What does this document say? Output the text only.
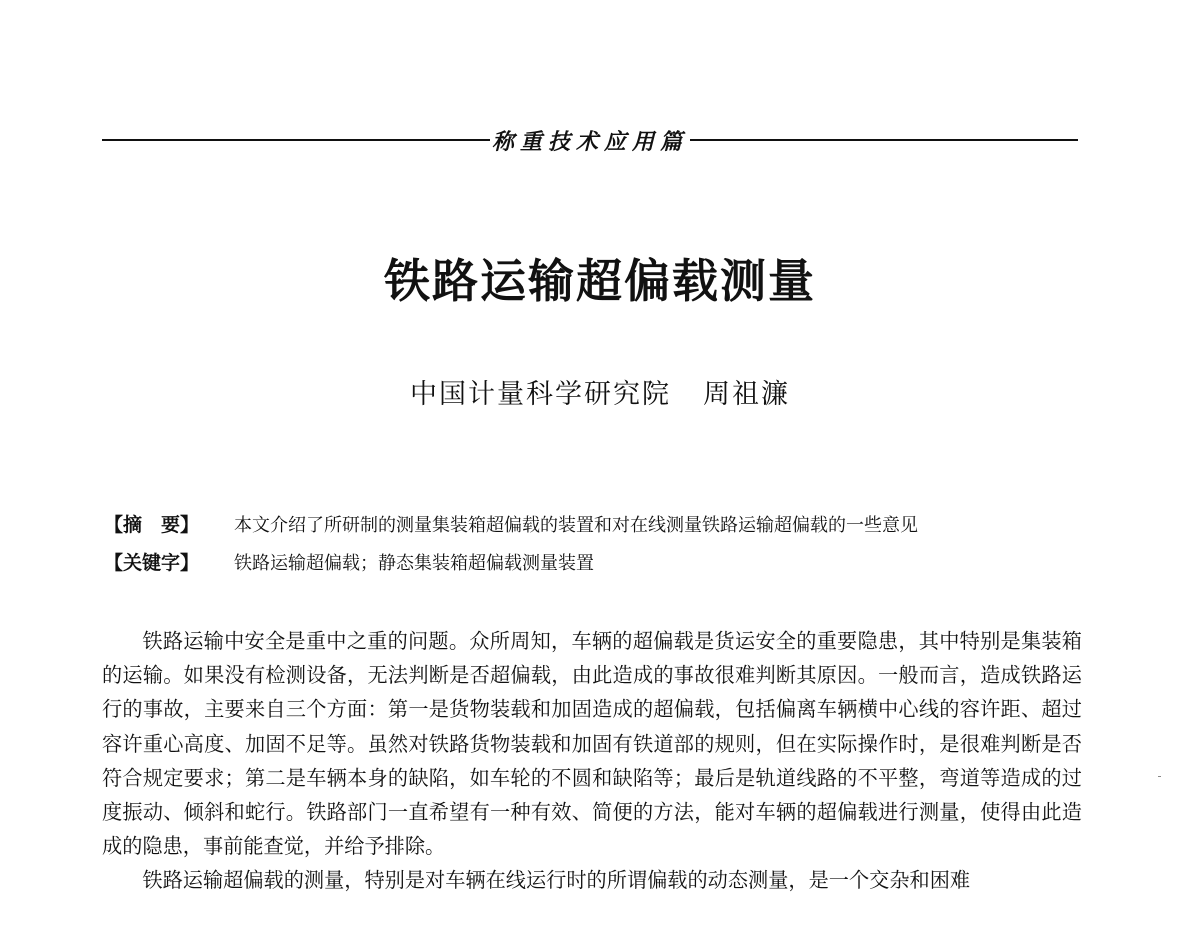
称重技术应用篇
铁路运输超偏载测量
中国计量科学研究院 周祖濂
【摘　要】	本文介绍了所研制的测量集装箱超偏载的装置和对在线测量铁路运输超偏载的一些意见
【关键字】	铁路运输超偏载；静态集装箱超偏载测量装置

铁路运输中安全是重中之重的问题。众所周知，车辆的超偏载是货运安全的重要隐患，其中特别是集装箱的运输。如果没有检测设备，无法判断是否超偏载，由此造成的事故很难判断其原因。一般而言，造成铁路运行的事故，主要来自三个方面：第一是货物装载和加固造成的超偏载，包括偏离车辆横中心线的容许距、超过容许重心高度、加固不足等。虽然对铁路货物装载和加固有铁道部的规则，但在实际操作时，是很难判断是否符合规定要求；第二是车辆本身的缺陷，如车轮的不圆和缺陷等；最后是轨道线路的不平整，弯道等造成的过度振动、倾斜和蛇行。铁路部门一直希望有一种有效、简便的方法，能对车辆的超偏载进行测量，使得由此造成的隐患，事前能查觉，并给予排除。

铁路运输超偏载的测量，特别是对车辆在线运行时的所谓偏载的动态测量，是一个交杂和困难
